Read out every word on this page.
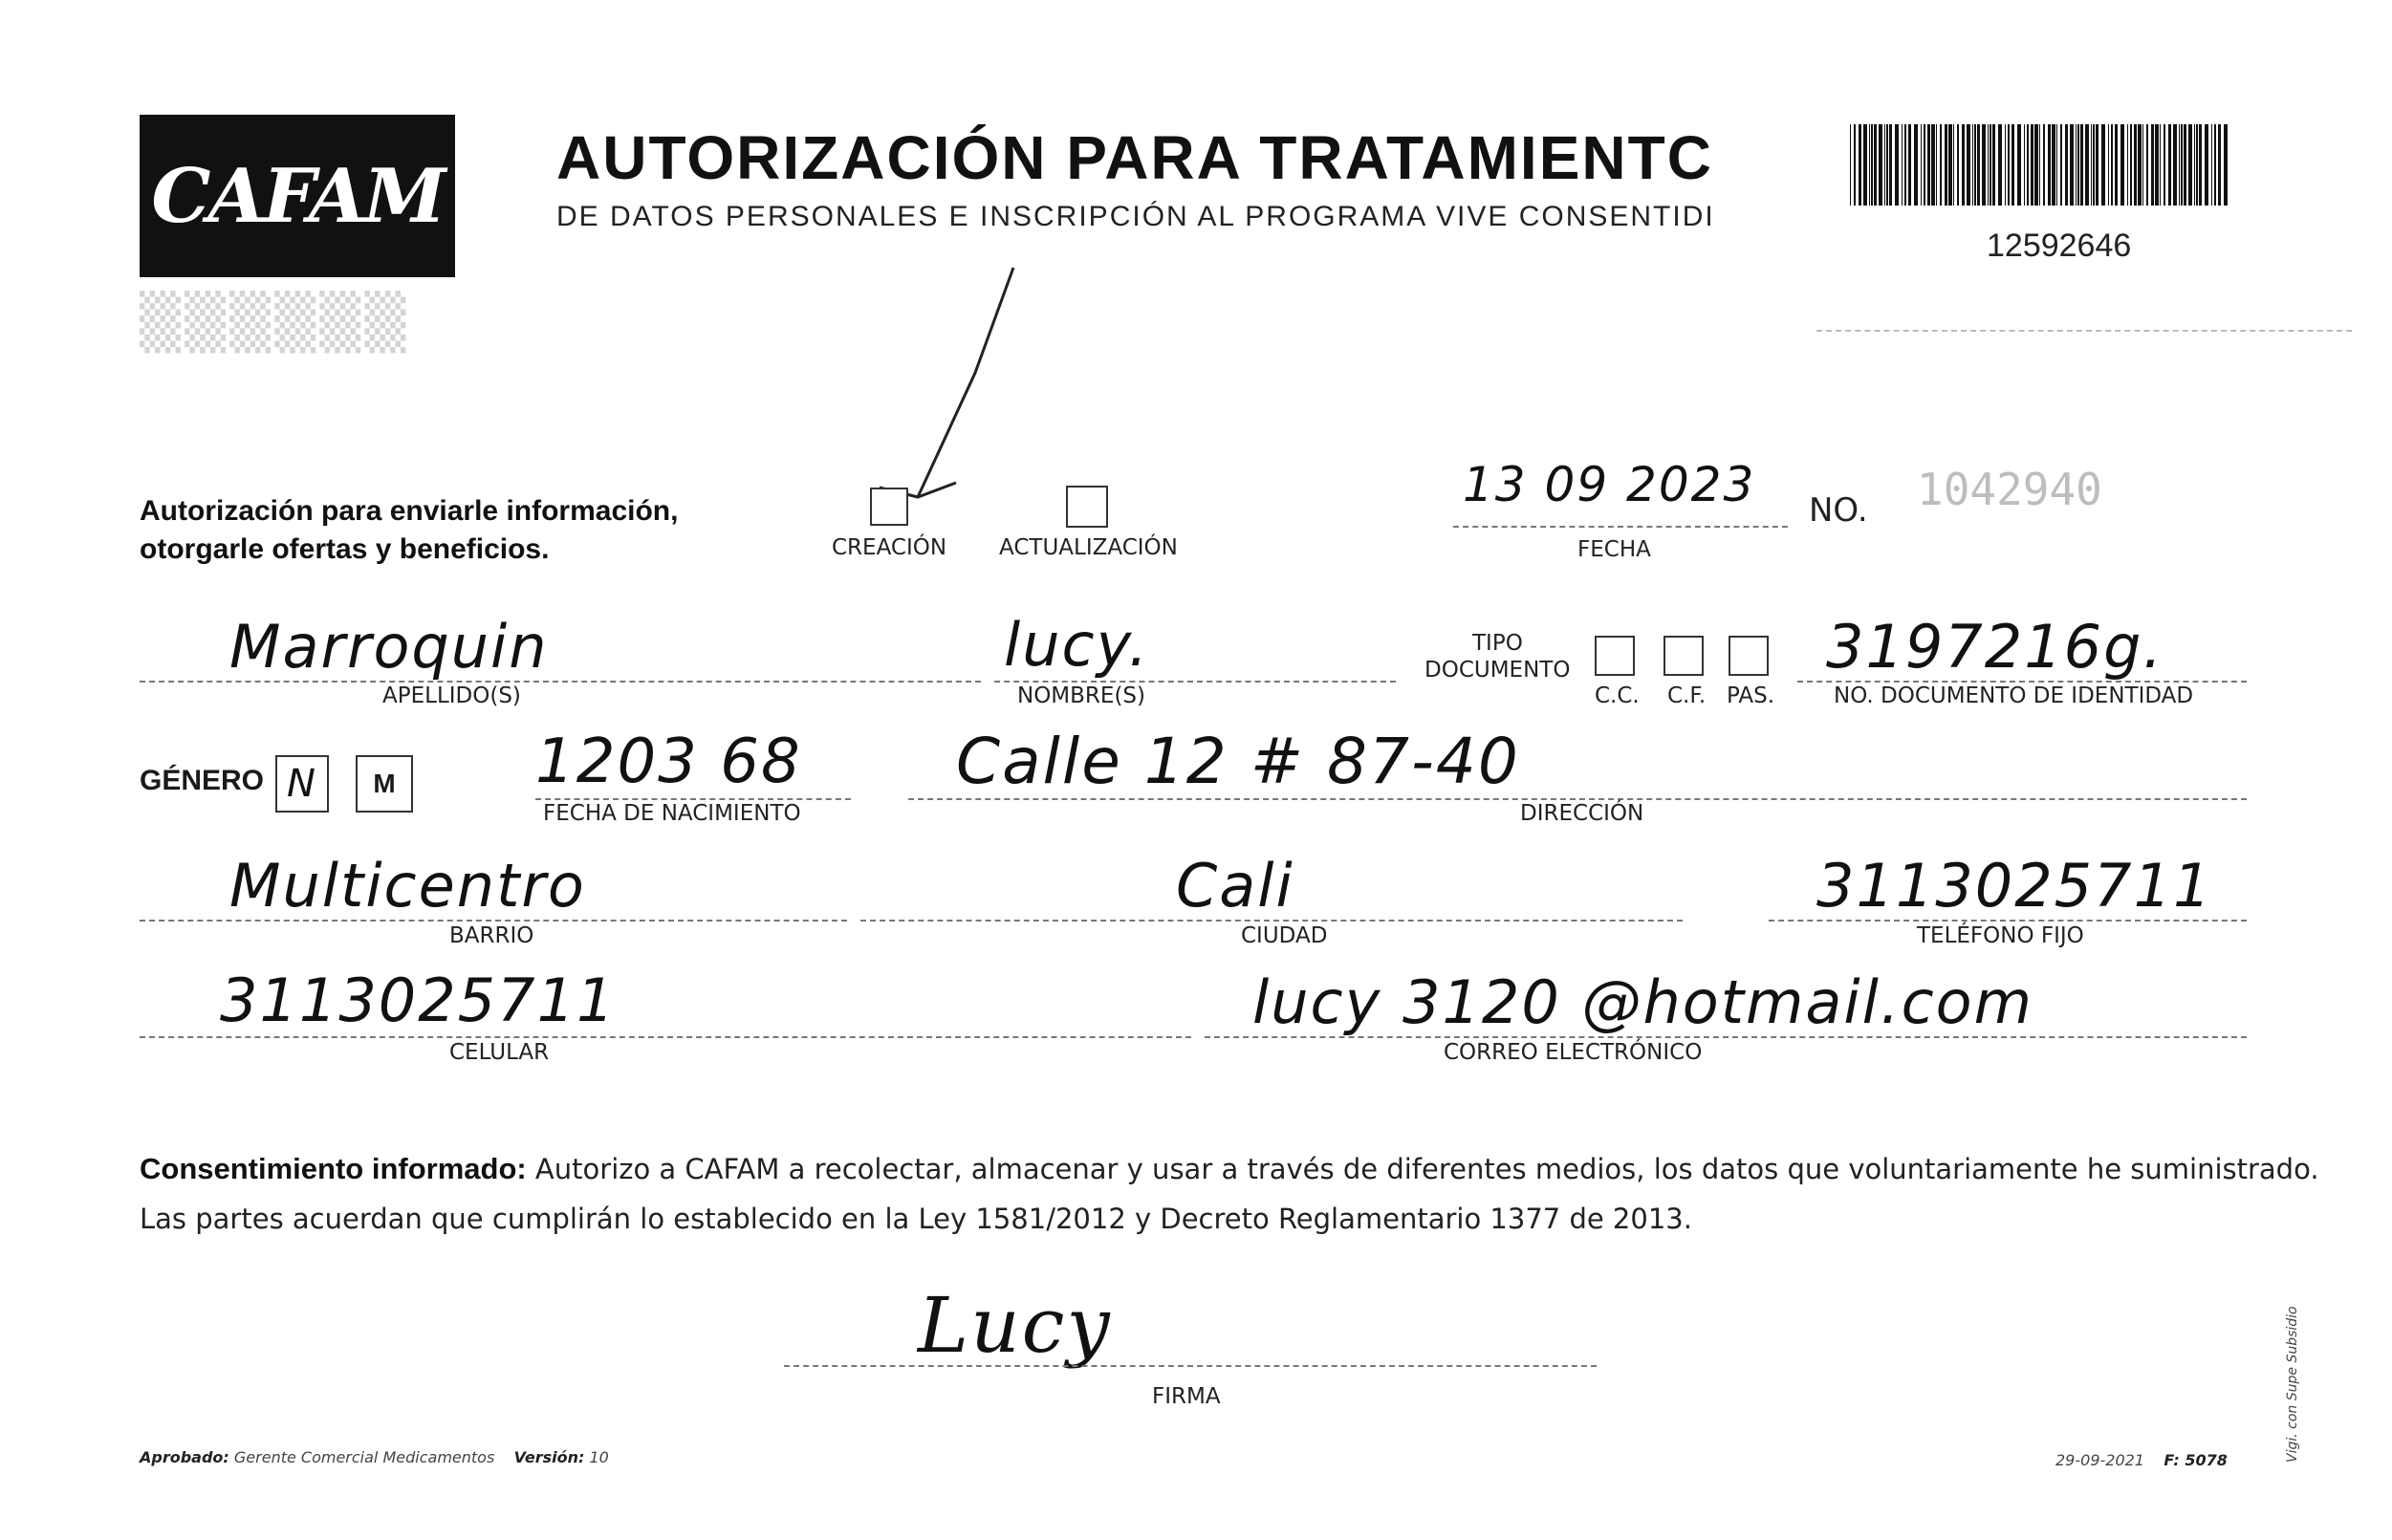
CAFAM
▒▒▒▒▒▒
AUTORIZACIÓN PARA TRATAMIENTC
DE DATOS PERSONALES E INSCRIPCIÓN AL PROGRAMA VIVE CONSENTIDI
12592646
Autorización para enviarle información,
otorgarle ofertas y beneficios.	CREACIÓN ACTUALIZACIÓN
13 09 2023
FECHA
NO. 1042940
Marroquin
APELLIDO(S)
lucy.
NOMBRE(S)
TIPO
DOCUMENTO
C.C. C.F. PAS.
3197216g.
NO. DOCUMENTO DE IDENTIDAD
GÉNERO N M 1203 68
FECHA DE NACIMIENTO
Calle 12 # 87-40
DIRECCIÓN
Multicentro
BARRIO
Cali
CIUDAD
3113025711
TELÉFONO FIJO
3113025711
CELULAR
lucy 3120 @hotmail.com
CORREO ELECTRÓNICO
Consentimiento informado: Autorizo a CAFAM a recolectar, almacenar y usar a través de diferentes medios, los datos que voluntariamente he suministrado.
Las partes acuerdan que cumplirán lo establecido en la Ley 1581/2012 y Decreto Reglamentario 1377 de 2013.
Lucy
FIRMA
Aprobado: Gerente Comercial Medicamentos Versión: 10	29-09-2021 F: 5078	Vigi. con Supe Subsidio
